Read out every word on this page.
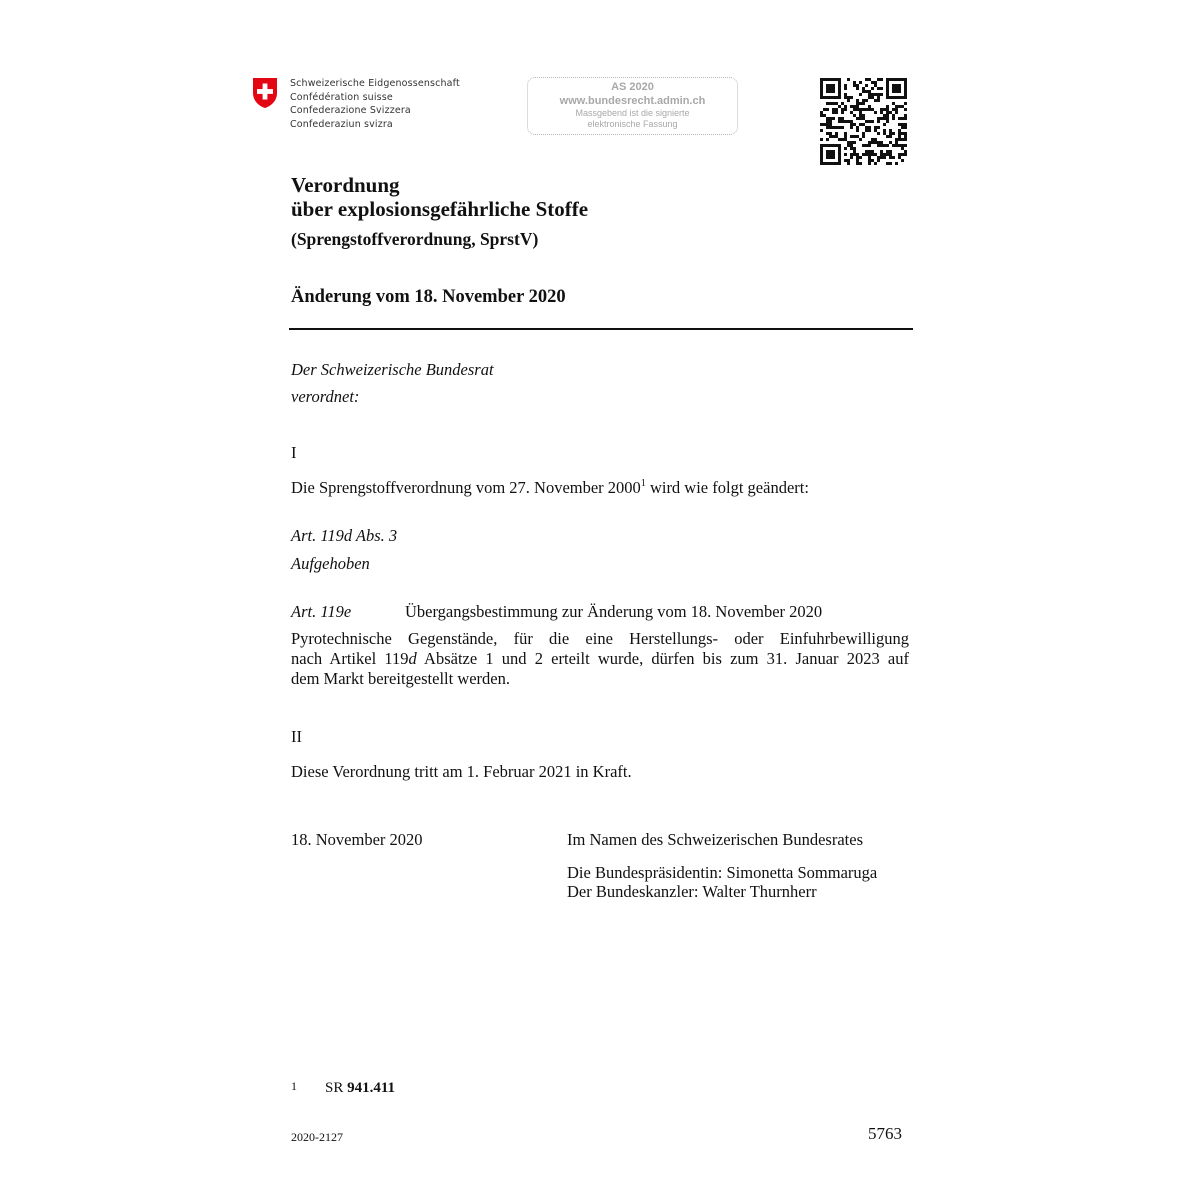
Schweizerische Eidgenossenschaft
Confédération suisse
Confederazione Svizzera
Confederaziun svizra
AS 2020
www.bundesrecht.admin.ch
Massgebend ist die signierte
elektronische Fassung
Verordnung
über explosionsgefährliche Stoffe
(Sprengstoffverordnung, SprstV)
Änderung vom 18. November 2020
Der Schweizerische Bundesrat
verordnet:
I
Die Sprengstoffverordnung vom 27. November 2000$^1$ wird wie folgt geändert:
Art. 119d Abs. 3
Aufgehoben
Art. 119e	Übergangsbestimmung zur Änderung vom 18. November 2020
Pyrotechnische Gegenstände, für die eine Herstellungs- oder Einfuhrbewilligung
nach Artikel 119d Absätze 1 und 2 erteilt wurde, dürfen bis zum 31. Januar 2023 auf
dem Markt bereitgestellt werden.
II
Diese Verordnung tritt am 1. Februar 2021 in Kraft.
18. November 2020	Im Namen des Schweizerischen Bundesrates
Die Bundespräsidentin: Simonetta Sommaruga
Der Bundeskanzler: Walter Thurnherr
1 SR 941.411
2020-2127	5763
